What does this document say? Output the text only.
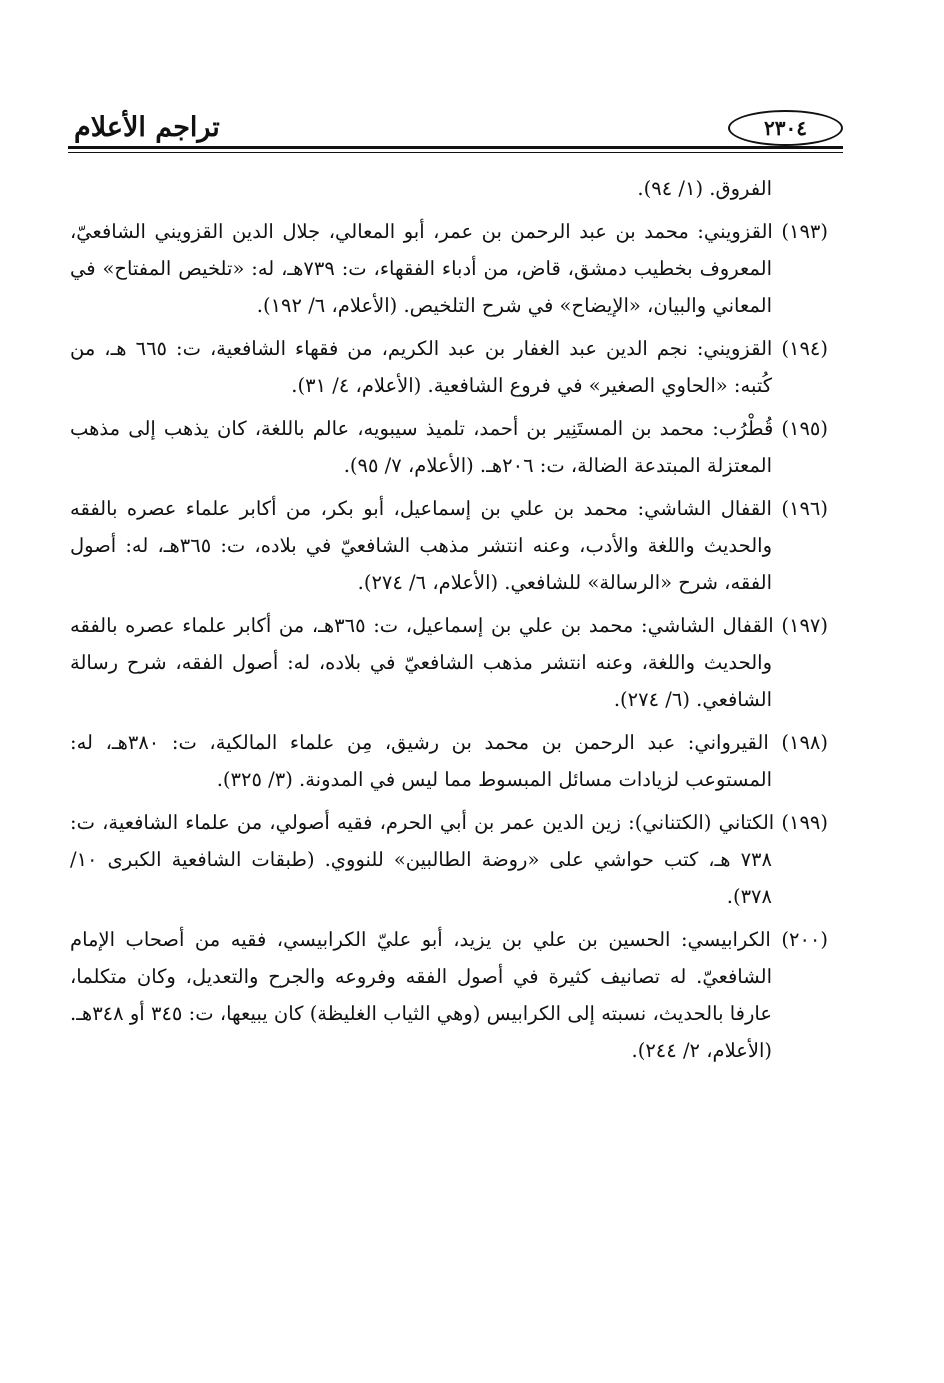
تراجم الأعلام	٢٣٠٤

الفروق. (١/ ٩٤).

(١٩٣) القزويني: محمد بن عبد الرحمن بن عمر، أبو المعالي، جلال الدين القزويني الشافعيّ، المعروف بخطيب دمشق، قاض، من أدباء الفقهاء، ت: ٧٣٩هـ، له: «تلخيص المفتاح» في المعاني والبيان، «الإيضاح» في شرح التلخيص. (الأعلام، ٦/ ١٩٢).

(١٩٤) القزويني: نجم الدين عبد الغفار بن عبد الكريم، من فقهاء الشافعية، ت: ٦٦٥ هـ، من كُتبه: «الحاوي الصغير» في فروع الشافعية. (الأعلام، ٤/ ٣١).

(١٩٥) قُطْرُب: محمد بن المستَنِير بن أحمد، تلميذ سيبويه، عالم باللغة، كان يذهب إلى مذهب المعتزلة المبتدعة الضالة، ت: ٢٠٦هـ. (الأعلام، ٧/ ٩٥).

(١٩٦) القفال الشاشي: محمد بن علي بن إسماعيل، أبو بكر، من أكابر علماء عصره بالفقه والحديث واللغة والأدب، وعنه انتشر مذهب الشافعيّ في بلاده، ت: ٣٦٥هـ، له: أصول الفقه، شرح «الرسالة» للشافعي. (الأعلام، ٦/ ٢٧٤).

(١٩٧) القفال الشاشي: محمد بن علي بن إسماعيل، ت: ٣٦٥هـ، من أكابر علماء عصره بالفقه والحديث واللغة، وعنه انتشر مذهب الشافعيّ في بلاده، له: أصول الفقه، شرح رسالة الشافعي. (٦/ ٢٧٤).

(١٩٨) القيرواني: عبد الرحمن بن محمد بن رشيق، مِن علماء المالكية، ت: ٣٨٠هـ، له: المستوعب لزيادات مسائل المبسوط مما ليس في المدونة. (٣/ ٣٢٥).

(١٩٩) الكتاني (الكتناني): زين الدين عمر بن أبي الحرم، فقيه أصولي، من علماء الشافعية، ت: ٧٣٨ هـ، كتب حواشي على «روضة الطالبين» للنووي. (طبقات الشافعية الكبرى ١٠/ ٣٧٨).

(٢٠٠) الكرابيسي: الحسين بن علي بن يزيد، أبو عليّ الكرابيسي، فقيه من أصحاب الإمام الشافعيّ. له تصانيف كثيرة في أصول الفقه وفروعه والجرح والتعديل، وكان متكلما، عارفا بالحديث، نسبته إلى الكرابيس (وهي الثياب الغليظة) كان يبيعها، ت: ٣٤٥ أو ٣٤٨هـ. (الأعلام، ٢/ ٢٤٤).
